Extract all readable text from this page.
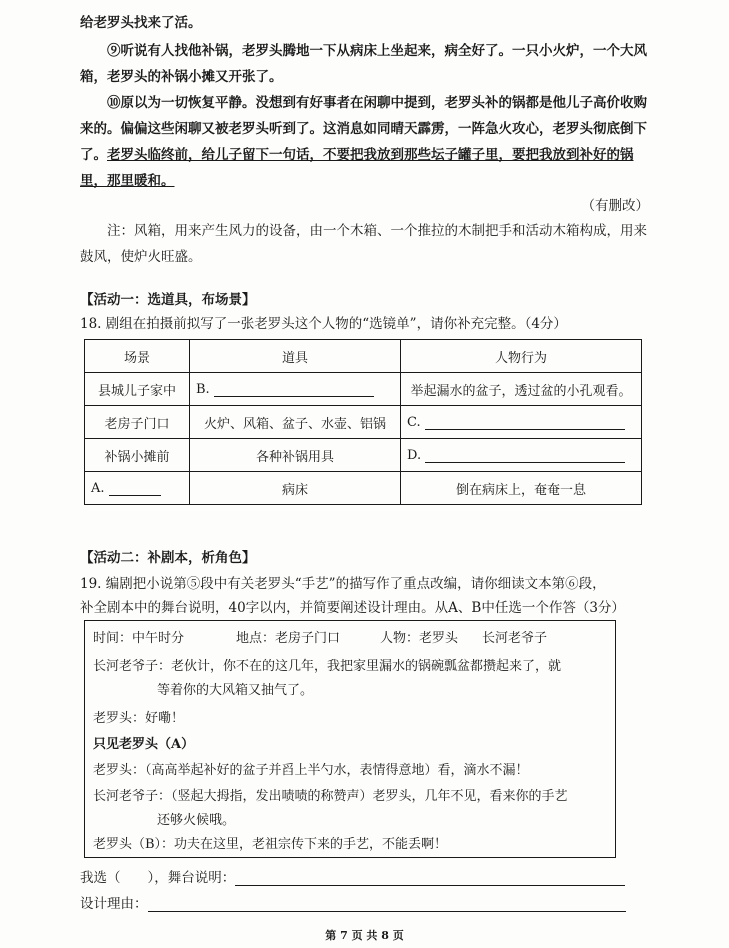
给老罗头找来了活。

⑨听说有人找他补锅，老罗头腾地一下从病床上坐起来，病全好了。一只小火炉，一个大风箱，老罗头的补锅小摊又开张了。

⑩原以为一切恢复平静。没想到有好事者在闲聊中提到，老罗头补的锅都是他儿子高价收购来的。偏偏这些闲聊又被老罗头听到了。这消息如同晴天霹雳，一阵急火攻心，老罗头彻底倒下了。老罗头临终前，给儿子留下一句话，不要把我放到那些坛子罐子里，要把我放到补好的锅里，那里暖和。

（有删改）

注：风箱，用来产生风力的设备，由一个木箱、一个推拉的木制把手和活动木箱构成，用来鼓风，使炉火旺盛。

【活动一：选道具，布场景】
18. 剧组在拍摄前拟写了一张老罗头这个人物的“选镜单”，请你补充完整。（4分）
场景	道具	人物行为
县城儿子家中	B.	举起漏水的盆子，透过盆的小孔观看。
老房子门口	火炉、风箱、盆子、水壶、铝锅	C.
补锅小摊前	各种补锅用具	D.
A.	病床	倒在病床上，奄奄一息
【活动二：补剧本，析角色】
19. 编剧把小说第⑤段中有关老罗头“手艺”的描写作了重点改编，请你细读文本第⑥段，
补全剧本中的舞台说明，40字以内，并简要阐述设计理由。从A、B中任选一个作答（3分）
时间：中午时分	地点：老房子门口	人物：老罗头 长河老爷子
长河老爷子：老伙计，你不在的这几年，我把家里漏水的锅碗瓢盆都攒起来了，就
等着你的大风箱又抽气了。
老罗头：好嘞！
只见老罗头（A）
老罗头：（高高举起补好的盆子并舀上半勺水，表情得意地）看，滴水不漏！
长河老爷子：（竖起大拇指，发出啧啧的称赞声）老罗头，几年不见，看来你的手艺
还够火候哦。
老罗头（B）：功夫在这里，老祖宗传下来的手艺，不能丢啊！
我选（　　），舞台说明：
设计理由：
第 7 页 共 8 页
